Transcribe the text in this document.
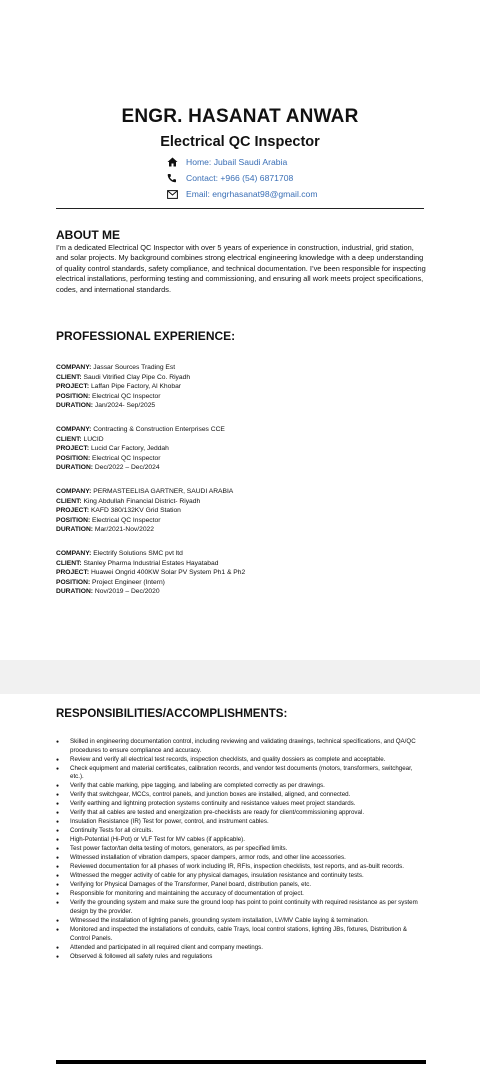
ENGR. HASANAT ANWAR
Electrical QC Inspector
Home: Jubail Saudi Arabia
Contact: +966 (54) 6871708
Email: engrhasanat98@gmail.com
ABOUT ME
I’m a dedicated Electrical QC Inspector with over 5 years of experience in construction, industrial, grid station, and solar projects. My background combines strong electrical engineering knowledge with a deep understanding of quality control standards, safety compliance, and technical documentation. I’ve been responsible for inspecting electrical installations, performing testing and commissioning, and ensuring all work meets project specifications, codes, and international standards.
PROFESSIONAL EXPERIENCE:
COMPANY: Jassar Sources Trading Est
CLIENT: Saudi Vitrified Clay Pipe Co. Riyadh
PROJECT: Laffan Pipe Factory, Al Khobar
POSITION: Electrical QC Inspector
DURATION: Jan/2024- Sep/2025
COMPANY: Contracting & Construction Enterprises CCE
CLIENT: LUCID
PROJECT: Lucid Car Factory, Jeddah
POSITION: Electrical QC Inspector
DURATION: Dec/2022 – Dec/2024
COMPANY: PERMASTEELISA GARTNER, SAUDI ARABIA
CLIENT: King Abdullah Financial District- Riyadh
PROJECT: KAFD 380/132KV Grid Station
POSITION: Electrical QC Inspector
DURATION: Mar/2021-Nov/2022
COMPANY: Electrify Solutions SMC pvt ltd
CLIENT: Stanley Pharma Industrial Estates Hayatabad
PROJECT: Huawei Ongrid 400KW Solar PV System Ph1 & Ph2
POSITION: Project Engineer (Intern)
DURATION: Nov/2019 – Dec/2020
RESPONSIBILITIES/ACCOMPLISHMENTS:
● Skilled in engineering documentation control, including reviewing and validating drawings, technical specifications, and QA/QC procedures to ensure compliance and accuracy.
● Review and verify all electrical test records, inspection checklists, and quality dossiers as complete and acceptable.
● Check equipment and material certificates, calibration records, and vendor test documents (motors, transformers, switchgear, etc.).
● Verify that cable marking, pipe tagging, and labeling are completed correctly as per drawings.
● Verify that switchgear, MCCs, control panels, and junction boxes are installed, aligned, and connected.
● Verify earthing and lightning protection systems continuity and resistance values meet project standards.
● Verify that all cables are tested and energization pre-checklists are ready for client/commissioning approval.
● Insulation Resistance (IR) Test for power, control, and instrument cables.
● Continuity Tests for all circuits.
● High-Potential (Hi-Pot) or VLF Test for MV cables (if applicable).
● Test power factor/tan delta testing of motors, generators, as per specified limits.
● Witnessed installation of vibration dampers, spacer dampers, armor rods, and other line accessories.
● Reviewed documentation for all phases of work including IR, RFIs, inspection checklists, test reports, and as-built records.
● Witnessed the megger activity of cable for any physical damages, insulation resistance and continuity tests.
● Verifying for Physical Damages of the Transformer, Panel board, distribution panels, etc.
● Responsible for monitoring and maintaining the accuracy of documentation of project.
● Verify the grounding system and make sure the ground loop has point to point continuity with required resistance as per system design by the provider.
● Witnessed the installation of lighting panels, grounding system installation, LV/MV Cable laying & termination.
● Monitored and inspected the installations of conduits, cable Trays, local control stations, lighting JBs, fixtures, Distribution & Control Panels.
● Attended and participated in all required client and company meetings.
● Observed & followed all safety rules and regulations
